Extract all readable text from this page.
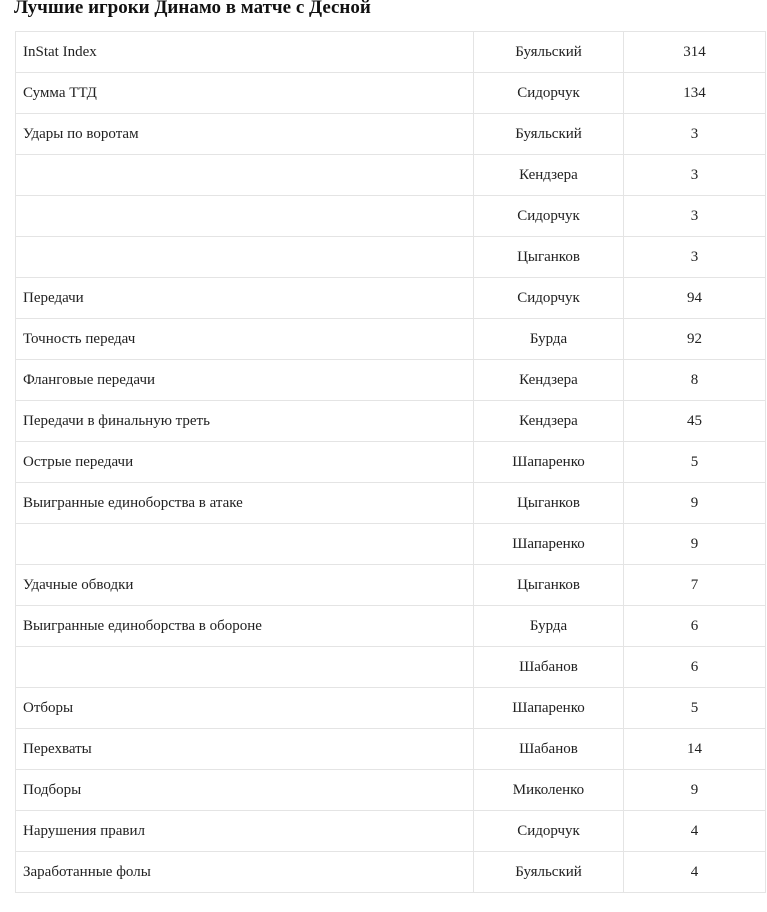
Лучшие игроки Динамо в матче с Десной
InStat Index	Буяльский	314
Сумма ТТД	Сидорчук	134
Удары по воротам	Буяльский	3
	Кендзера	3
	Сидорчук	3
	Цыганков	3
Передачи	Сидорчук	94
Точность передач	Бурда	92
Фланговые передачи	Кендзера	8
Передачи в финальную треть	Кендзера	45
Острые передачи	Шапаренко	5
Выигранные единоборства в атаке	Цыганков	9
	Шапаренко	9
Удачные обводки	Цыганков	7
Выигранные единоборства в обороне	Бурда	6
	Шабанов	6
Отборы	Шапаренко	5
Перехваты	Шабанов	14
Подборы	Миколенко	9
Нарушения правил	Сидорчук	4
Заработанные фолы	Буяльский	4
